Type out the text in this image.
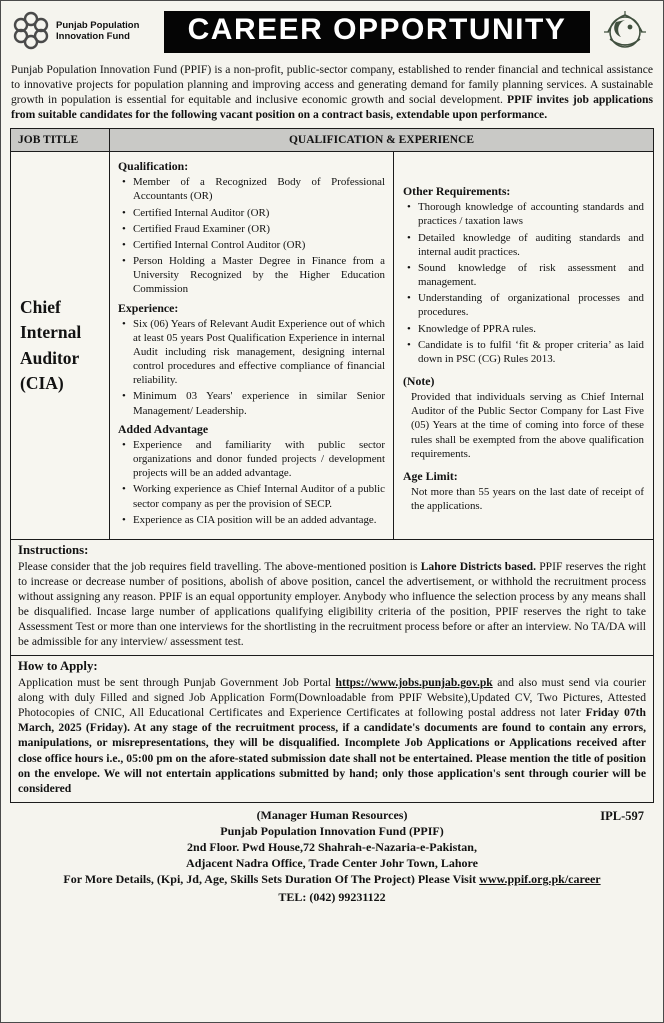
Punjab Population
Innovation Fund	CAREER OPPORTUNITY

Punjab Population Innovation Fund (PPIF) is a non-profit, public-sector company, established to render financial and technical assistance to innovative projects for population planning and improving access and generating demand for family planning services. A sustainable growth in population is essential for equitable and inclusive economic growth and social development. PPIF invites job applications from suitable candidates for the following vacant position on a contract basis, extendable upon performance.

JOB TITLE	QUALIFICATION & EXPERIENCE
Chief Internal Auditor (CIA)
Qualification:
• Member of a Recognized Body of Professional Accountants (OR)
• Certified Internal Auditor (OR)
• Certified Fraud Examiner (OR)
• Certified Internal Control Auditor (OR)
• Person Holding a Master Degree in Finance from a University Recognized by the Higher Education Commission
Experience:
• Six (06) Years of Relevant Audit Experience out of which at least 05 years Post Qualification Experience in internal Audit including risk management, designing internal control procedures and effective compliance of financial reliability.
• Minimum 03 Years' experience in similar Senior Management/ Leadership.
Added Advantage
• Experience and familiarity with public sector organizations and donor funded projects / development projects will be an added advantage.
• Working experience as Chief Internal Auditor of a public sector company as per the provision of SECP.
• Experience as CIA position will be an added advantage.
Other Requirements:
• Thorough knowledge of accounting standards and practices / taxation laws
• Detailed knowledge of auditing standards and internal audit practices.
• Sound knowledge of risk assessment and management.
• Understanding of organizational processes and procedures.
• Knowledge of PPRA rules.
• Candidate is to fulfil ‘fit & proper criteria’ as laid down in PSC (CG) Rules 2013.
(Note)

Provided that individuals serving as Chief Internal Auditor of the Public Sector Company for Last Five (05) Years at the time of coming into force of these rules shall be exempted from the above qualification requirements.

Age Limit:

Not more than 55 years on the last date of receipt of the applications.

Instructions:

Please consider that the job requires field travelling. The above-mentioned position is Lahore Districts based. PPIF reserves the right to increase or decrease number of positions, abolish of above position, cancel the advertisement, or withhold the recruitment process without assigning any reason. PPIF is an equal opportunity employer. Anybody who influence the selection process by any means shall be disqualified. Incase large number of applications qualifying eligibility criteria of the position, PPIF reserves the right to take Assessment Test or more than one interviews for the shortlisting in the recruitment process before or after an interview. No TA/DA will be admissible for any interview/ assessment test.

How to Apply:

Application must be sent through Punjab Government Job Portal https://www.jobs.punjab.gov.pk and also must send via courier along with duly Filled and signed Job Application Form(Downloadable from PPIF Website),Updated CV, Two Pictures, Attested Photocopies of CNIC, All Educational Certificates and Experience Certificates at following postal address not later Friday 07th March, 2025 (Friday). At any stage of the recruitment process, if a candidate's documents are found to contain any errors, manipulations, or misrepresentations, they will be disqualified. Incomplete Job Applications or Applications received after close office hours i.e., 05:00 pm on the afore-stated submission date shall not be entertained. Please mention the title of position on the envelope. We will not entertain applications submitted by hand; only those application's sent through courier will be considered

IPL-597
(Manager Human Resources)
Punjab Population Innovation Fund (PPIF)
2nd Floor. Pwd House,72 Shahrah-e-Nazaria-e-Pakistan,
Adjacent Nadra Office, Trade Center Johr Town, Lahore
For More Details, (Kpi, Jd, Age, Skills Sets Duration Of The Project) Please Visit www.ppif.org.pk/career
TEL: (042) 99231122
